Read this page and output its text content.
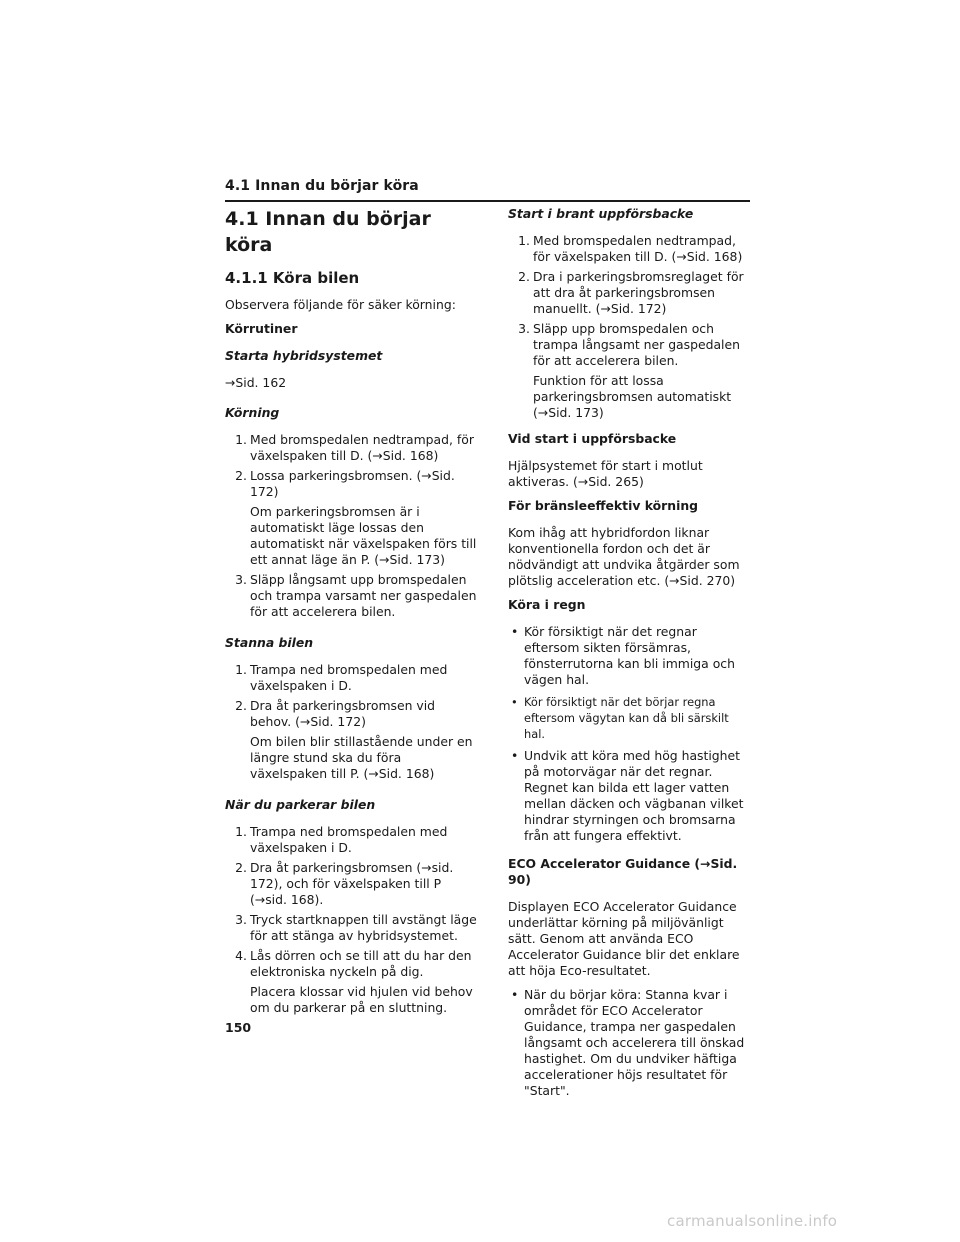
4.1 Innan du börjar köra
4.1 Innan du börjar köra
4.1.1 Köra bilen
Observera följande för säker körning:
Körrutiner
Starta hybridsystemet
→Sid. 162
Körning
1. Med bromspedalen nedtrampad, för växelspaken till D. (→Sid. 168)
2. Lossa parkeringsbromsen. (→Sid. 172)
Om parkeringsbromsen är i automatiskt läge lossas den automatiskt när växelspaken förs till ett annat läge än P. (→Sid. 173)
3. Släpp långsamt upp bromspedalen och trampa varsamt ner gaspedalen för att accelerera bilen.
Stanna bilen
1. Trampa ned bromspedalen med växelspaken i D.
2. Dra åt parkeringsbromsen vid behov. (→Sid. 172)
Om bilen blir stillastående under en längre stund ska du föra växelspaken till P. (→Sid. 168)
När du parkerar bilen
1. Trampa ned bromspedalen med växelspaken i D.
2. Dra åt parkeringsbromsen (→sid. 172), och för växelspaken till P (→sid. 168).
3. Tryck startknappen till avstängt läge för att stänga av hybridsystemet.
4. Lås dörren och se till att du har den elektroniska nyckeln på dig.
Placera klossar vid hjulen vid behov om du parkerar på en sluttning.
Start i brant uppförsbacke
1. Med bromspedalen nedtrampad, för växelspaken till D. (→Sid. 168)
2. Dra i parkeringsbromsreglaget för att dra åt parkeringsbromsen manuellt. (→Sid. 172)
3. Släpp upp bromspedalen och trampa långsamt ner gaspedalen för att accelerera bilen.
Funktion för att lossa parkeringsbromsen automatiskt (→Sid. 173)
Vid start i uppförsbacke
Hjälpsystemet för start i motlut aktiveras. (→Sid. 265)
För bränsleeffektiv körning
Kom ihåg att hybridfordon liknar konventionella fordon och det är nödvändigt att undvika åtgärder som plötslig acceleration etc. (→Sid. 270)
Köra i regn
• Kör försiktigt när det regnar eftersom sikten försämras, fönsterrutorna kan bli immiga och vägen hal.
• Kör försiktigt när det börjar regna eftersom vägytan kan då bli särskilt hal.
• Undvik att köra med hög hastighet på motorvägar när det regnar. Regnet kan bilda ett lager vatten mellan däcken och vägbanan vilket hindrar styrningen och bromsarna från att fungera effektivt.
ECO Accelerator Guidance (→Sid. 90)
Displayen ECO Accelerator Guidance underlättar körning på miljövänligt sätt. Genom att använda ECO Accelerator Guidance blir det enklare att höja Eco-resultatet.
• När du börjar köra: Stanna kvar i området för ECO Accelerator Guidance, trampa ner gaspedalen långsamt och accelerera till önskad hastighet. Om du undviker häftiga accelerationer höjs resultatet för "Start".
150
carmanualsonline.info
